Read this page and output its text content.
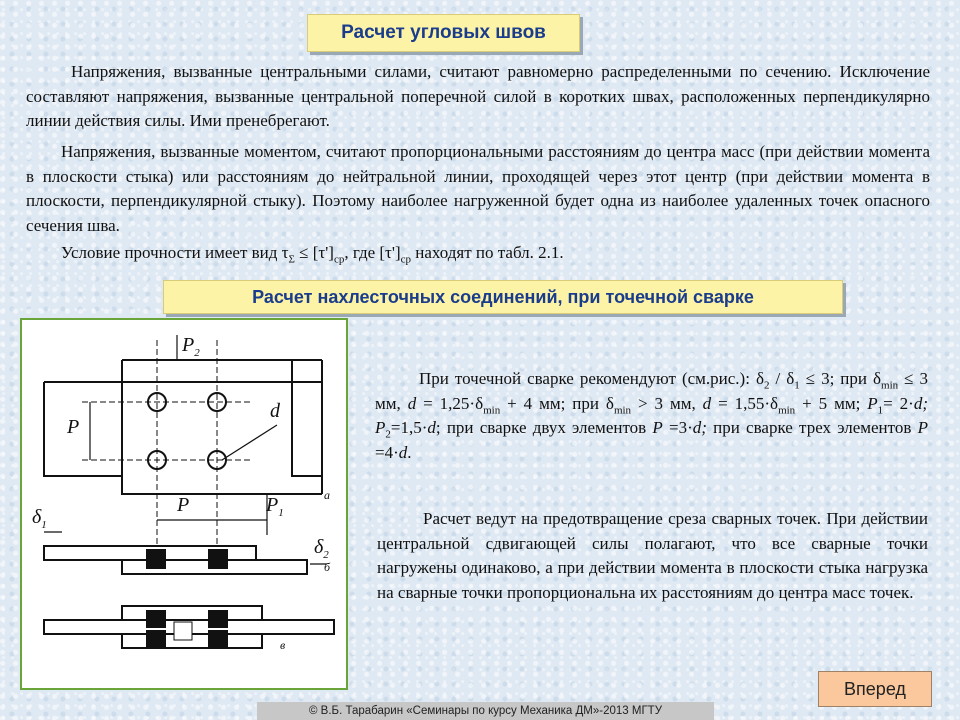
Расчет угловых швов
Напряжения, вызванные центральными силами, считают равномерно распределенными по сечению. Исключение составляют напряжения, вызванные центральной поперечной силой в коротких швах, расположенных перпендикулярно линии действия силы. Ими пренебрегают.
Напряжения, вызванные моментом, считают пропорциональными расстояниям до центра масс (при действии момента в плоскости стыка) или расстояниям до нейтральной линии, проходящей через этот центр (при действии момента в плоскости, перпендикулярной стыку). Поэтому наиболее нагруженной будет одна из наиболее удаленных точек опасного сечения шва.
Условие прочности имеет вид $\tau_\Sigma \le [\tau']_{ср}$, где $[\tau']_{ср}$ находят по табл. 2.1.
Расчет нахлесточных соединений, при точечной сварке
$P_2$
P
d
P	$P_1$
$\delta_1$
$\delta_2$
а
б
в
При точечной сварке рекомендуют (см.рис.): $\delta_2 / \delta_1 \le 3$; при $\delta_{min} \le 3$ мм, $d = 1,25\cdot\delta_{min} + 4$ мм; при $\delta_{min} > 3$ мм, $d = 1,55\cdot\delta_{min} + 5$ мм; $P_1= 2\cdot d$; $P_2=1,5\cdot d$; при сварке двух элементов P =3·d; при сварке трех элементов P =4·d.
Расчет ведут на предотвращение среза сварных точек. При действии центральной сдвигающей силы полагают, что все сварные точки нагружены одинаково, а при действии момента в плоскости стыка нагрузка на сварные точки пропорциональна их расстояниям до центра масс точек.
Вперед
© В.Б. Тарабарин «Семинары по курсу Механика ДМ»-2013 МГТУ
